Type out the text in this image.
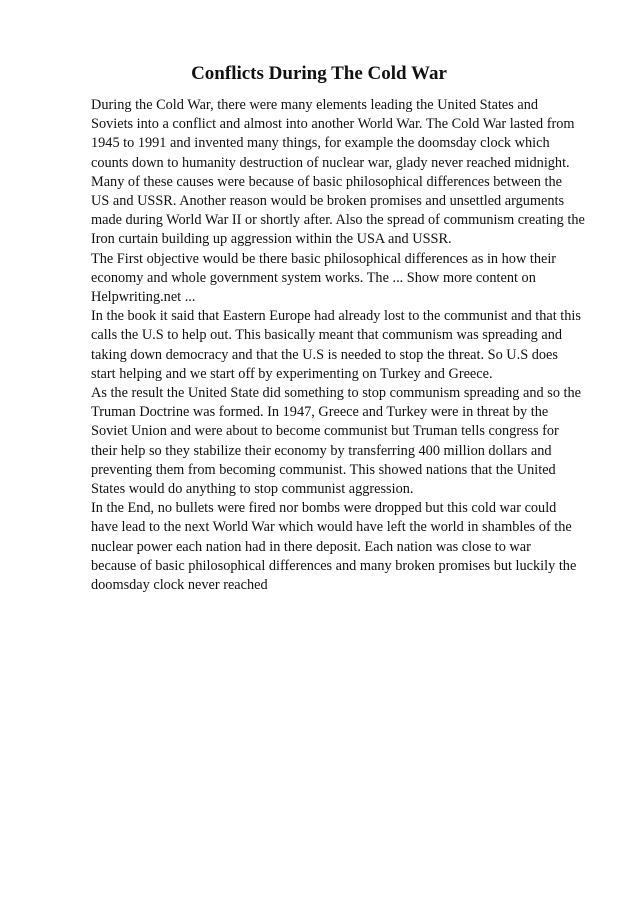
Conflicts During The Cold War
During the Cold War, there were many elements leading the United States and
Soviets into a conflict and almost into another World War. The Cold War lasted from
1945 to 1991 and invented many things, for example the doomsday clock which
counts down to humanity destruction of nuclear war, glady never reached midnight.
Many of these causes were because of basic philosophical differences between the
US and USSR. Another reason would be broken promises and unsettled arguments
made during World War II or shortly after. Also the spread of communism creating the
Iron curtain building up aggression within the USA and USSR.
The First objective would be there basic philosophical differences as in how their
economy and whole government system works. The ... Show more content on
Helpwriting.net ...
In the book it said that Eastern Europe had already lost to the communist and that this
calls the U.S to help out. This basically meant that communism was spreading and
taking down democracy and that the U.S is needed to stop the threat. So U.S does
start helping and we start off by experimenting on Turkey and Greece.
As the result the United State did something to stop communism spreading and so the
Truman Doctrine was formed. In 1947, Greece and Turkey were in threat by the
Soviet Union and were about to become communist but Truman tells congress for
their help so they stabilize their economy by transferring 400 million dollars and
preventing them from becoming communist. This showed nations that the United
States would do anything to stop communist aggression.
In the End, no bullets were fired nor bombs were dropped but this cold war could
have lead to the next World War which would have left the world in shambles of the
nuclear power each nation had in there deposit. Each nation was close to war
because of basic philosophical differences and many broken promises but luckily the
doomsday clock never reached
